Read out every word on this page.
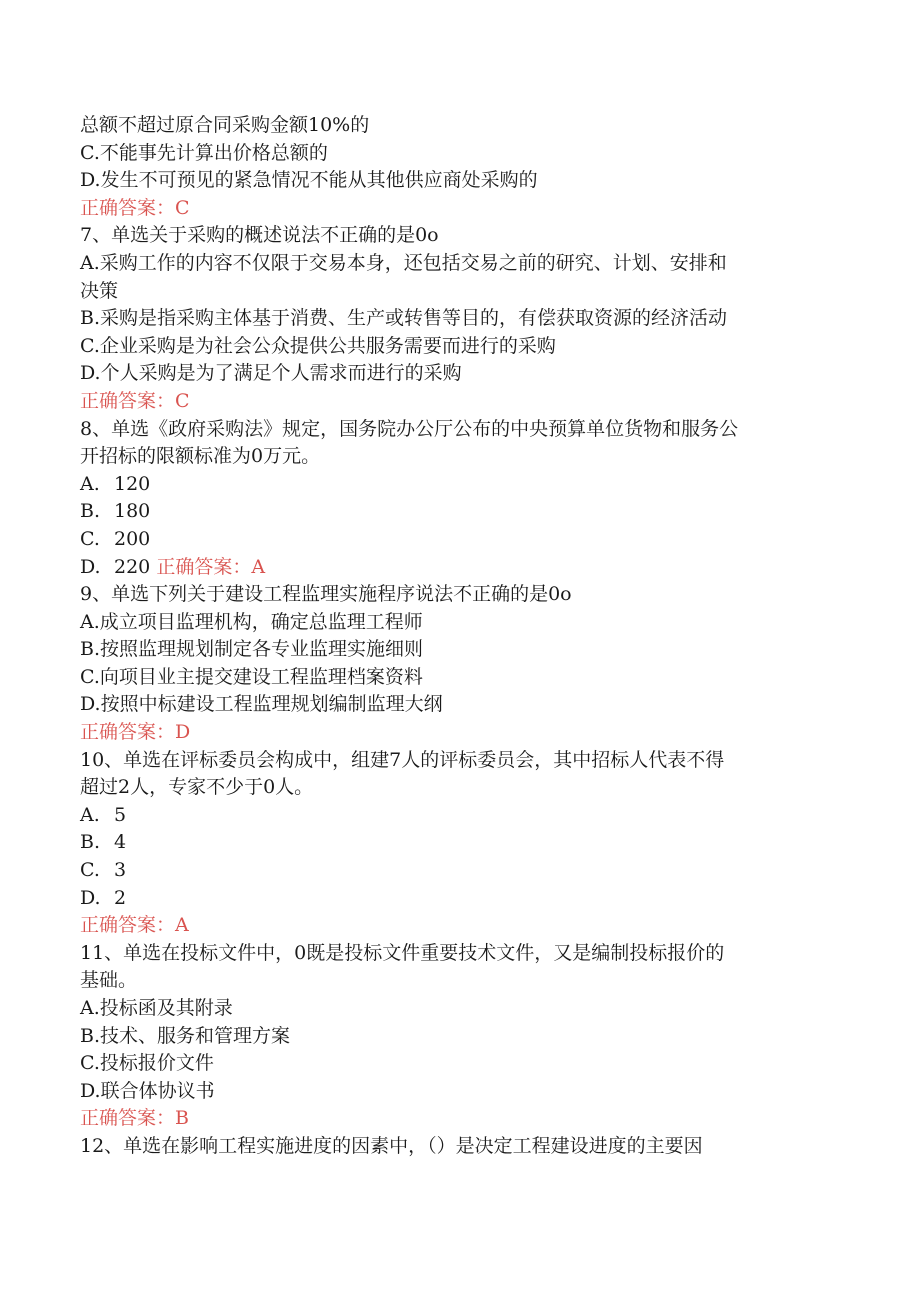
总额不超过原合同采购金额10%的
C.不能事先计算出价格总额的
D.发生不可预见的紧急情况不能从其他供应商处采购的
正确答案：C
7、单选关于采购的概述说法不正确的是0o
A.采购工作的内容不仅限于交易本身，还包括交易之前的研究、计划、安排和
决策
B.采购是指采购主体基于消费、生产或转售等目的，有偿获取资源的经济活动
C.企业采购是为社会公众提供公共服务需要而进行的采购
D.个人采购是为了满足个人需求而进行的采购
正确答案：C
8、单选《政府采购法》规定，国务院办公厅公布的中央预算单位货物和服务公
开招标的限额标准为0万元。
A. 120
B. 180
C. 200
D. 220 正确答案：A
9、单选下列关于建设工程监理实施程序说法不正确的是0o
A.成立项目监理机构，确定总监理工程师
B.按照监理规划制定各专业监理实施细则
C.向项目业主提交建设工程监理档案资料
D.按照中标建设工程监理规划编制监理大纲
正确答案：D
10、单选在评标委员会构成中，组建7人的评标委员会，其中招标人代表不得
超过2人，专家不少于0人。
A. 5
B. 4
C. 3
D. 2
正确答案：A
11、单选在投标文件中，0既是投标文件重要技术文件，又是编制投标报价的
基础。
A.投标函及其附录
B.技术、服务和管理方案
C.投标报价文件
D.联合体协议书
正确答案：B
12、单选在影响工程实施进度的因素中，（）是决定工程建设进度的主要因
